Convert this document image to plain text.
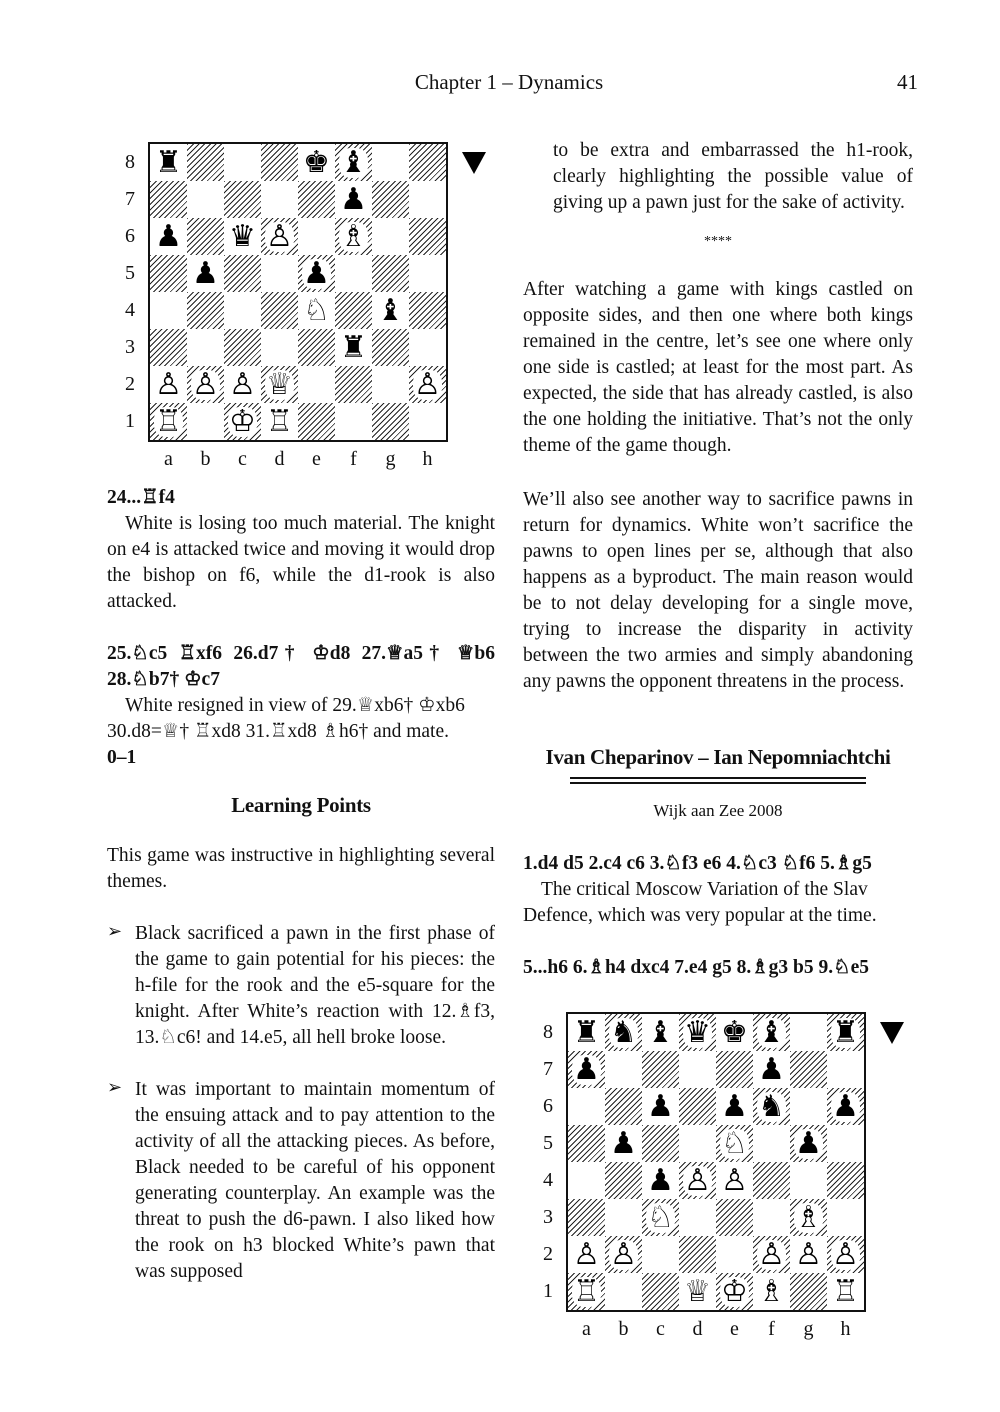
Chapter 1 – Dynamics	41
♜	♚ ♝
♟
♟ ♛ ♙ ♗
♟	♟
♘ ♝
♜
♙ ♙ ♙ ♕	♙
♖ ♔ ♖
8
7
6
5
4
3
2
1
a	b	c	d	e	f	g	h

24...♖f4

White is losing too much material. The knight on e4 is attacked twice and moving it would drop the bishop on f6, while the d1-rook is also attacked.

25.♘c5 ♖xf6 26.d7† ♔d8 27.♕a5† ♕b6 28.♘b7† ♔c7

White resigned in view of 29.♕xb6† ♔xb6 30.d8=♕† ♖xd8 31.♖xd8 ♗h6† and mate.

0–1

Learning Points
This game was instructive in highlighting several themes.
➢ Black sacrificed a pawn in the first phase of the game to gain potential for his pieces: the h-file for the rook and the e5-square for the knight. After White’s reaction with 12.♗f3, 13.♘c6! and 14.e5, all hell broke loose.
➢ It was important to maintain momentum of the ensuing attack and to pay attention to the activity of all the attacking pieces. As before, Black needed to be careful of his opponent generating counterplay. An example was the threat to push the d6-pawn. I also liked how the rook on h3 blocked White’s pawn that was supposed
to be extra and embarrassed the h1-rook, clearly highlighting the possible value of giving up a pawn just for the sake of activity.
****
After watching a game with kings castled on opposite sides, and then one where both kings remained in the centre, let’s see one where only one side is castled; at least for the most part. As expected, the side that has already castled, is also the one holding the initiative. That’s not the only theme of the game though.
We’ll also see another way to sacrifice pawns in return for dynamics. White won’t sacrifice the pawns to open lines per se, although that also happens as a byproduct. The main reason would be to not delay developing for a single move, trying to increase the disparity in activity between the two armies and simply abandoning any pawns the opponent threatens in the process.
Ivan Cheparinov – Ian Nepomniachtchi
Wijk aan Zee 2008

1.d4 d5 2.c4 c6 3.♘f3 e6 4.♘c3 ♘f6 5.♗g5

The critical Moscow Variation of the Slav Defence, which was very popular at the time.

5...h6 6.♗h4 dxc4 7.e4 g5 8.♗g3 b5 9.♘e5

♜ ♞ ♝ ♛ ♚ ♝ ♜
♟	♟
♟ ♟ ♞ ♟
♟	♘ ♟
♟ ♙ ♙
♘	♗
♙ ♙	♙ ♙ ♙
♖	♕ ♔ ♗ ♖
8
7
6
5
4
3
2
1
a	b	c	d	e	f	g	h
